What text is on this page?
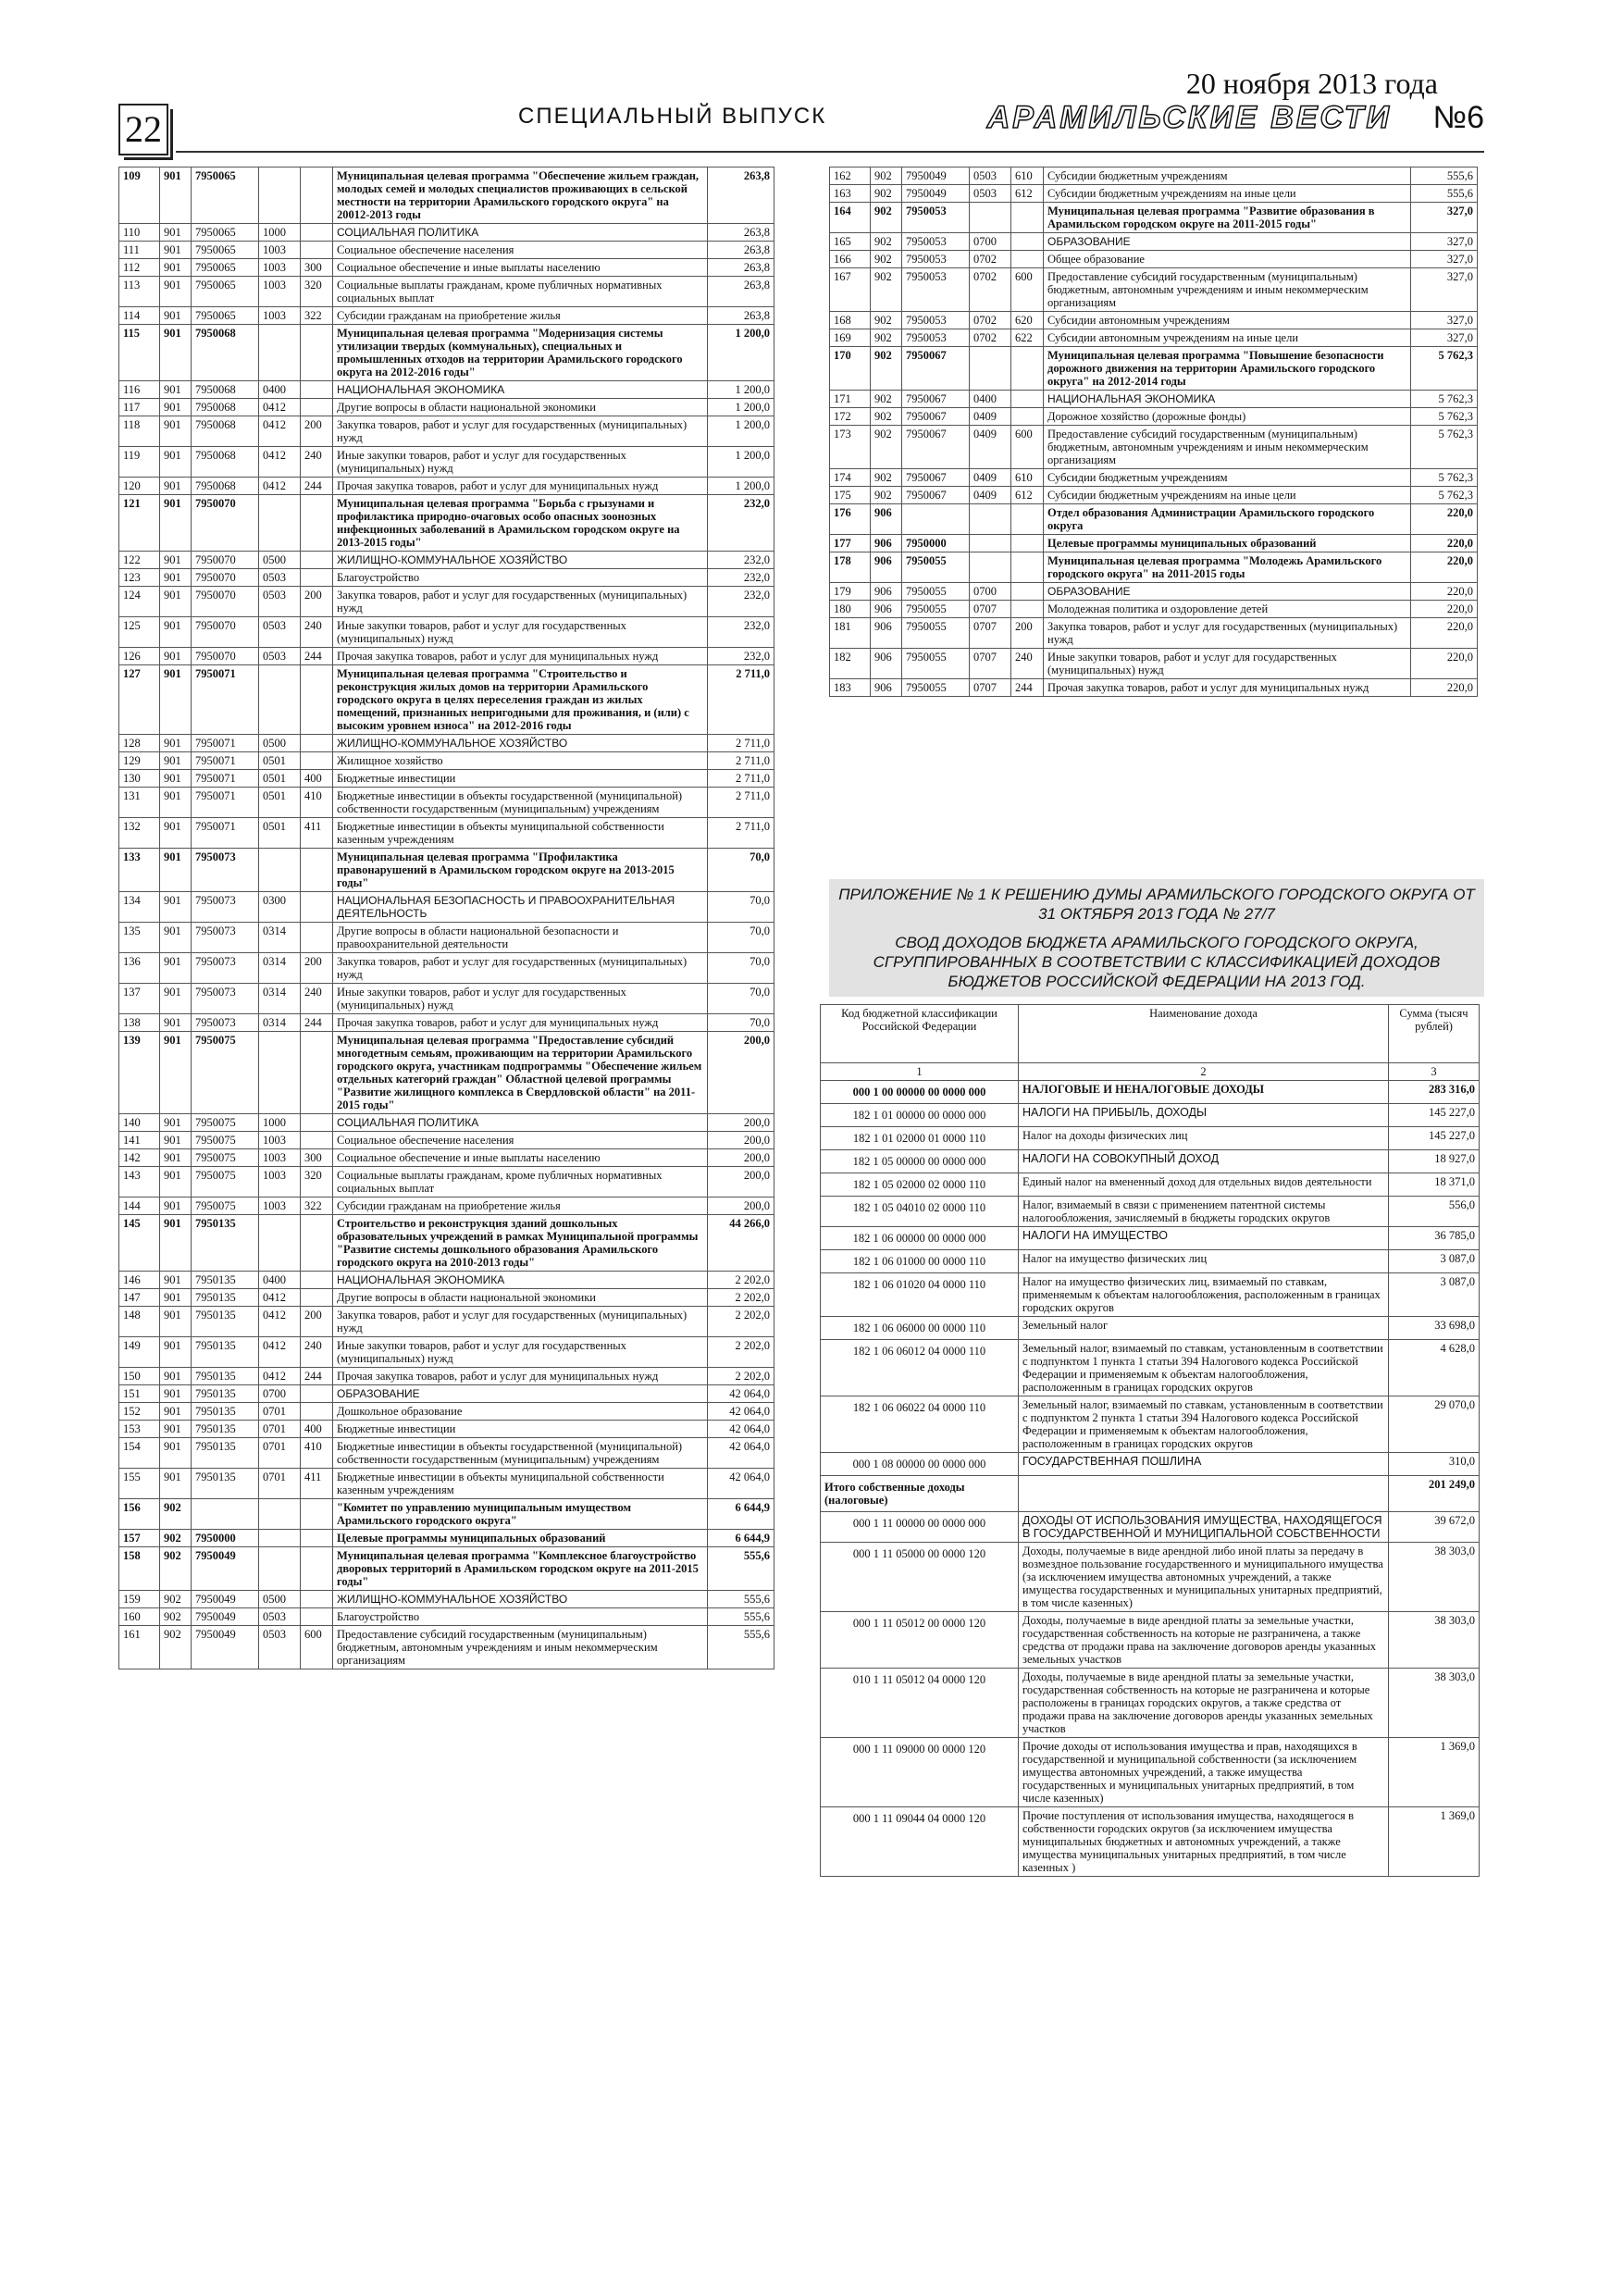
22	СПЕЦИАЛЬНЫЙ ВЫПУСК
20 ноября 2013 года
АРАМИЛЬСКИЕ ВЕСТИ №6
109	901	7950065			Муниципальная целевая программа "Обеспечение жильем граждан, молодых семей и молодых специалистов проживающих в сельской местности на территории Арамильского городского округа" на 20012-2013 годы	263,8
110	901	7950065	1000		СОЦИАЛЬНАЯ ПОЛИТИКА	263,8
111	901	7950065	1003		Социальное обеспечение населения	263,8
112	901	7950065	1003	300	Социальное обеспечение и иные выплаты населению	263,8
113	901	7950065	1003	320	Социальные выплаты гражданам, кроме публичных нормативных социальных выплат	263,8
114	901	7950065	1003	322	Субсидии гражданам на приобретение жилья	263,8
115	901	7950068			Муниципальная целевая программа "Модернизация системы утилизации твердых (коммунальных), специальных и промышленных отходов на территории Арамильского городского округа на 2012-2016 годы"	1 200,0
116	901	7950068	0400		НАЦИОНАЛЬНАЯ ЭКОНОМИКА	1 200,0
117	901	7950068	0412		Другие вопросы в области национальной экономики	1 200,0
118	901	7950068	0412	200	Закупка товаров, работ и услуг для государственных (муниципальных) нужд	1 200,0
119	901	7950068	0412	240	Иные закупки товаров, работ и услуг для государственных (муниципальных) нужд	1 200,0
120	901	7950068	0412	244	Прочая закупка товаров, работ и услуг для муниципальных нужд	1 200,0
121	901	7950070			Муниципальная целевая программа "Борьба с грызунами и профилактика природно-очаговых особо опасных зоонозных инфекционных заболеваний в Арамильском городском округе на 2013-2015 годы"	232,0
122	901	7950070	0500		ЖИЛИЩНО-КОММУНАЛЬНОЕ ХОЗЯЙСТВО	232,0
123	901	7950070	0503		Благоустройство	232,0
124	901	7950070	0503	200	Закупка товаров, работ и услуг для государственных (муниципальных) нужд	232,0
125	901	7950070	0503	240	Иные закупки товаров, работ и услуг для государственных (муниципальных) нужд	232,0
126	901	7950070	0503	244	Прочая закупка товаров, работ и услуг для муниципальных нужд	232,0
127	901	7950071			Муниципальная целевая программа "Строительство и реконструкция жилых домов на территории Арамильского городского округа в целях переселения граждан из жилых помещений, признанных непригодными для проживания, и (или) с высоким уровнем износа" на 2012-2016 годы	2 711,0
128	901	7950071	0500		ЖИЛИЩНО-КОММУНАЛЬНОЕ ХОЗЯЙСТВО	2 711,0
129	901	7950071	0501		Жилищное хозяйство	2 711,0
130	901	7950071	0501	400	Бюджетные инвестиции	2 711,0
131	901	7950071	0501	410	Бюджетные инвестиции в объекты государственной (муниципальной) собственности государственным (муниципальным) учреждениям	2 711,0
132	901	7950071	0501	411	Бюджетные инвестиции в объекты муниципальной собственности казенным учреждениям	2 711,0
133	901	7950073			Муниципальная целевая программа "Профилактика правонарушений в Арамильском городском округе на 2013-2015 годы"	70,0
134	901	7950073	0300		НАЦИОНАЛЬНАЯ БЕЗОПАСНОСТЬ И ПРАВООХРАНИТЕЛЬНАЯ ДЕЯТЕЛЬНОСТЬ	70,0
135	901	7950073	0314		Другие вопросы в области национальной безопасности и правоохранительной деятельности	70,0
136	901	7950073	0314	200	Закупка товаров, работ и услуг для государственных (муниципальных) нужд	70,0
137	901	7950073	0314	240	Иные закупки товаров, работ и услуг для государственных (муниципальных) нужд	70,0
138	901	7950073	0314	244	Прочая закупка товаров, работ и услуг для муниципальных нужд	70,0
139	901	7950075			Муниципальная целевая программа "Предоставление субсидий многодетным семьям, проживающим на территории Арамильского городского округа, участникам подпрограммы "Обеспечение жильем отдельных категорий граждан" Областной целевой программы "Развитие жилищного комплекса в Свердловской области" на 2011-2015 годы"	200,0
140	901	7950075	1000		СОЦИАЛЬНАЯ ПОЛИТИКА	200,0
141	901	7950075	1003		Социальное обеспечение населения	200,0
142	901	7950075	1003	300	Социальное обеспечение и иные выплаты населению	200,0
143	901	7950075	1003	320	Социальные выплаты гражданам, кроме публичных нормативных социальных выплат	200,0
144	901	7950075	1003	322	Субсидии гражданам на приобретение жилья	200,0
145	901	7950135			Строительство и реконструкция зданий дошкольных образовательных учреждений в рамках Муниципальной программы "Развитие системы дошкольного образования Арамильского городского округа на 2010-2013 годы"	44 266,0
146	901	7950135	0400		НАЦИОНАЛЬНАЯ ЭКОНОМИКА	2 202,0
147	901	7950135	0412		Другие вопросы в области национальной экономики	2 202,0
148	901	7950135	0412	200	Закупка товаров, работ и услуг для государственных (муниципальных) нужд	2 202,0
149	901	7950135	0412	240	Иные закупки товаров, работ и услуг для государственных (муниципальных) нужд	2 202,0
150	901	7950135	0412	244	Прочая закупка товаров, работ и услуг для муниципальных нужд	2 202,0
151	901	7950135	0700		ОБРАЗОВАНИЕ	42 064,0
152	901	7950135	0701		Дошкольное образование	42 064,0
153	901	7950135	0701	400	Бюджетные инвестиции	42 064,0
154	901	7950135	0701	410	Бюджетные инвестиции в объекты государственной (муниципальной) собственности государственным (муниципальным) учреждениям	42 064,0
155	901	7950135	0701	411	Бюджетные инвестиции в объекты муниципальной собственности казенным учреждениям	42 064,0
156	902				"Комитет по управлению муниципальным имуществом Арамильского городского округа"	6 644,9
157	902	7950000			Целевые программы муниципальных образований	6 644,9
158	902	7950049			Муниципальная целевая программа "Комплексное благоустройство дворовых территорий в Арамильском городском округе на 2011-2015 годы"	555,6
159	902	7950049	0500		ЖИЛИЩНО-КОММУНАЛЬНОЕ ХОЗЯЙСТВО	555,6
160	902	7950049	0503		Благоустройство	555,6
161	902	7950049	0503	600	Предоставление субсидий государственным (муниципальным) бюджетным, автономным учреждениям и иным некоммерческим организациям	555,6
162	902	7950049	0503	610	Субсидии бюджетным учреждениям	555,6
163	902	7950049	0503	612	Субсидии бюджетным учреждениям на иные цели	555,6
164	902	7950053			Муниципальная целевая программа "Развитие образования в Арамильском городском округе на 2011-2015 годы"	327,0
165	902	7950053	0700		ОБРАЗОВАНИЕ	327,0
166	902	7950053	0702		Общее образование	327,0
167	902	7950053	0702	600	Предоставление субсидий государственным (муниципальным) бюджетным, автономным учреждениям и иным некоммерческим организациям	327,0
168	902	7950053	0702	620	Субсидии автономным учреждениям	327,0
169	902	7950053	0702	622	Субсидии автономным учреждениям на иные цели	327,0
170	902	7950067			Муниципальная целевая программа "Повышение безопасности дорожного движения на территории Арамильского городского округа" на 2012-2014 годы	5 762,3
171	902	7950067	0400		НАЦИОНАЛЬНАЯ ЭКОНОМИКА	5 762,3
172	902	7950067	0409		Дорожное хозяйство (дорожные фонды)	5 762,3
173	902	7950067	0409	600	Предоставление субсидий государственным (муниципальным) бюджетным, автономным учреждениям и иным некоммерческим организациям	5 762,3
174	902	7950067	0409	610	Субсидии бюджетным учреждениям	5 762,3
175	902	7950067	0409	612	Субсидии бюджетным учреждениям на иные цели	5 762,3
176	906				Отдел образования Администрации Арамильского городского округа	220,0
177	906	7950000			Целевые программы муниципальных образований	220,0
178	906	7950055			Муниципальная целевая программа "Молодежь Арамильского городского округа" на 2011-2015 годы	220,0
179	906	7950055	0700		ОБРАЗОВАНИЕ	220,0
180	906	7950055	0707		Молодежная политика и оздоровление детей	220,0
181	906	7950055	0707	200	Закупка товаров, работ и услуг для государственных (муниципальных) нужд	220,0
182	906	7950055	0707	240	Иные закупки товаров, работ и услуг для государственных (муниципальных) нужд	220,0
183	906	7950055	0707	244	Прочая закупка товаров, работ и услуг для муниципальных нужд	220,0
ПРИЛОЖЕНИЕ № 1 К РЕШЕНИЮ ДУМЫ АРАМИЛЬСКОГО ГОРОДСКОГО ОКРУГА ОТ 31 ОКТЯБРЯ 2013 ГОДА № 27/7
СВОД ДОХОДОВ БЮДЖЕТА АРАМИЛЬСКОГО ГОРОДСКОГО ОКРУГА, СГРУППИРОВАННЫХ В СООТВЕТСТВИИ С КЛАССИФИКАЦИЕЙ ДОХОДОВ БЮДЖЕТОВ РОССИЙСКОЙ ФЕДЕРАЦИИ НА 2013 ГОД.
Код бюджетной классификации Российской Федерации	Наименование дохода	Сумма (тысяч рублей)
1	2	3
000 1 00 00000 00 0000 000	НАЛОГОВЫЕ И НЕНАЛОГОВЫЕ ДОХОДЫ	283 316,0
182 1 01 00000 00 0000 000	НАЛОГИ НА ПРИБЫЛЬ, ДОХОДЫ	145 227,0
182 1 01 02000 01 0000 110	Налог на доходы физических лиц	145 227,0
182 1 05 00000 00 0000 000	НАЛОГИ НА СОВОКУПНЫЙ ДОХОД	18 927,0
182 1 05 02000 02 0000 110	Единый налог на вмененный доход для отдельных видов деятельности	18 371,0
182 1 05 04010 02 0000 110	Налог, взимаемый в связи с применением патентной системы налогообложения, зачисляемый в бюджеты городских округов	556,0
182 1 06 00000 00 0000 000	НАЛОГИ НА ИМУЩЕСТВО	36 785,0
182 1 06 01000 00 0000 110	Налог на имущество физических лиц	3 087,0
182 1 06 01020 04 0000 110	Налог на имущество физических лиц, взимаемый по ставкам, применяемым к объектам налогообложения, расположенным в границах городских округов	3 087,0
182 1 06 06000 00 0000 110	Земельный налог	33 698,0
182 1 06 06012 04 0000 110	Земельный налог, взимаемый по ставкам, установленным в соответствии с подпунктом 1 пункта 1 статьи 394 Налогового кодекса Российской Федерации и применяемым к объектам налогообложения, расположенным в границах городских округов	4 628,0
182 1 06 06022 04 0000 110	Земельный налог, взимаемый по ставкам, установленным в соответствии с подпунктом 2 пункта 1 статьи 394 Налогового кодекса Российской Федерации и применяемым к объектам налогообложения, расположенным в границах городских округов	29 070,0
000 1 08 00000 00 0000 000	ГОСУДАРСТВЕННАЯ ПОШЛИНА	310,0
Итого собственные доходы (налоговые)		201 249,0
000 1 11 00000 00 0000 000	ДОХОДЫ ОТ ИСПОЛЬЗОВАНИЯ ИМУЩЕСТВА, НАХОДЯЩЕГОСЯ В ГОСУДАРСТВЕННОЙ И МУНИЦИПАЛЬНОЙ СОБСТВЕННОСТИ	39 672,0
000 1 11 05000 00 0000 120	Доходы, получаемые в виде арендной либо иной платы за передачу в возмездное пользование государственного и муниципального имущества (за исключением имущества автономных учреждений, а также имущества государственных и муниципальных унитарных предприятий, в том числе казенных)	38 303,0
000 1 11 05012 00 0000 120	Доходы, получаемые в виде арендной платы за земельные участки, государственная собственность на которые не разграничена, а также средства от продажи права на заключение договоров аренды указанных земельных участков	38 303,0
010 1 11 05012 04 0000 120	Доходы, получаемые в виде арендной платы за земельные участки, государственная собственность на которые не разграничена и которые расположены в границах городских округов, а также средства от продажи права на заключение договоров аренды указанных земельных участков	38 303,0
000 1 11 09000 00 0000 120	Прочие доходы от использования имущества и прав, находящихся в государственной и муниципальной собственности (за исключением имущества автономных учреждений, а также имущества государственных и муниципальных унитарных предприятий, в том числе казенных)	1 369,0
000 1 11 09044 04 0000 120	Прочие поступления от использования имущества, находящегося в собственности городских округов (за исключением имущества муниципальных бюджетных и автономных учреждений, а также имущества муниципальных унитарных предприятий, в том числе казенных )	1 369,0
